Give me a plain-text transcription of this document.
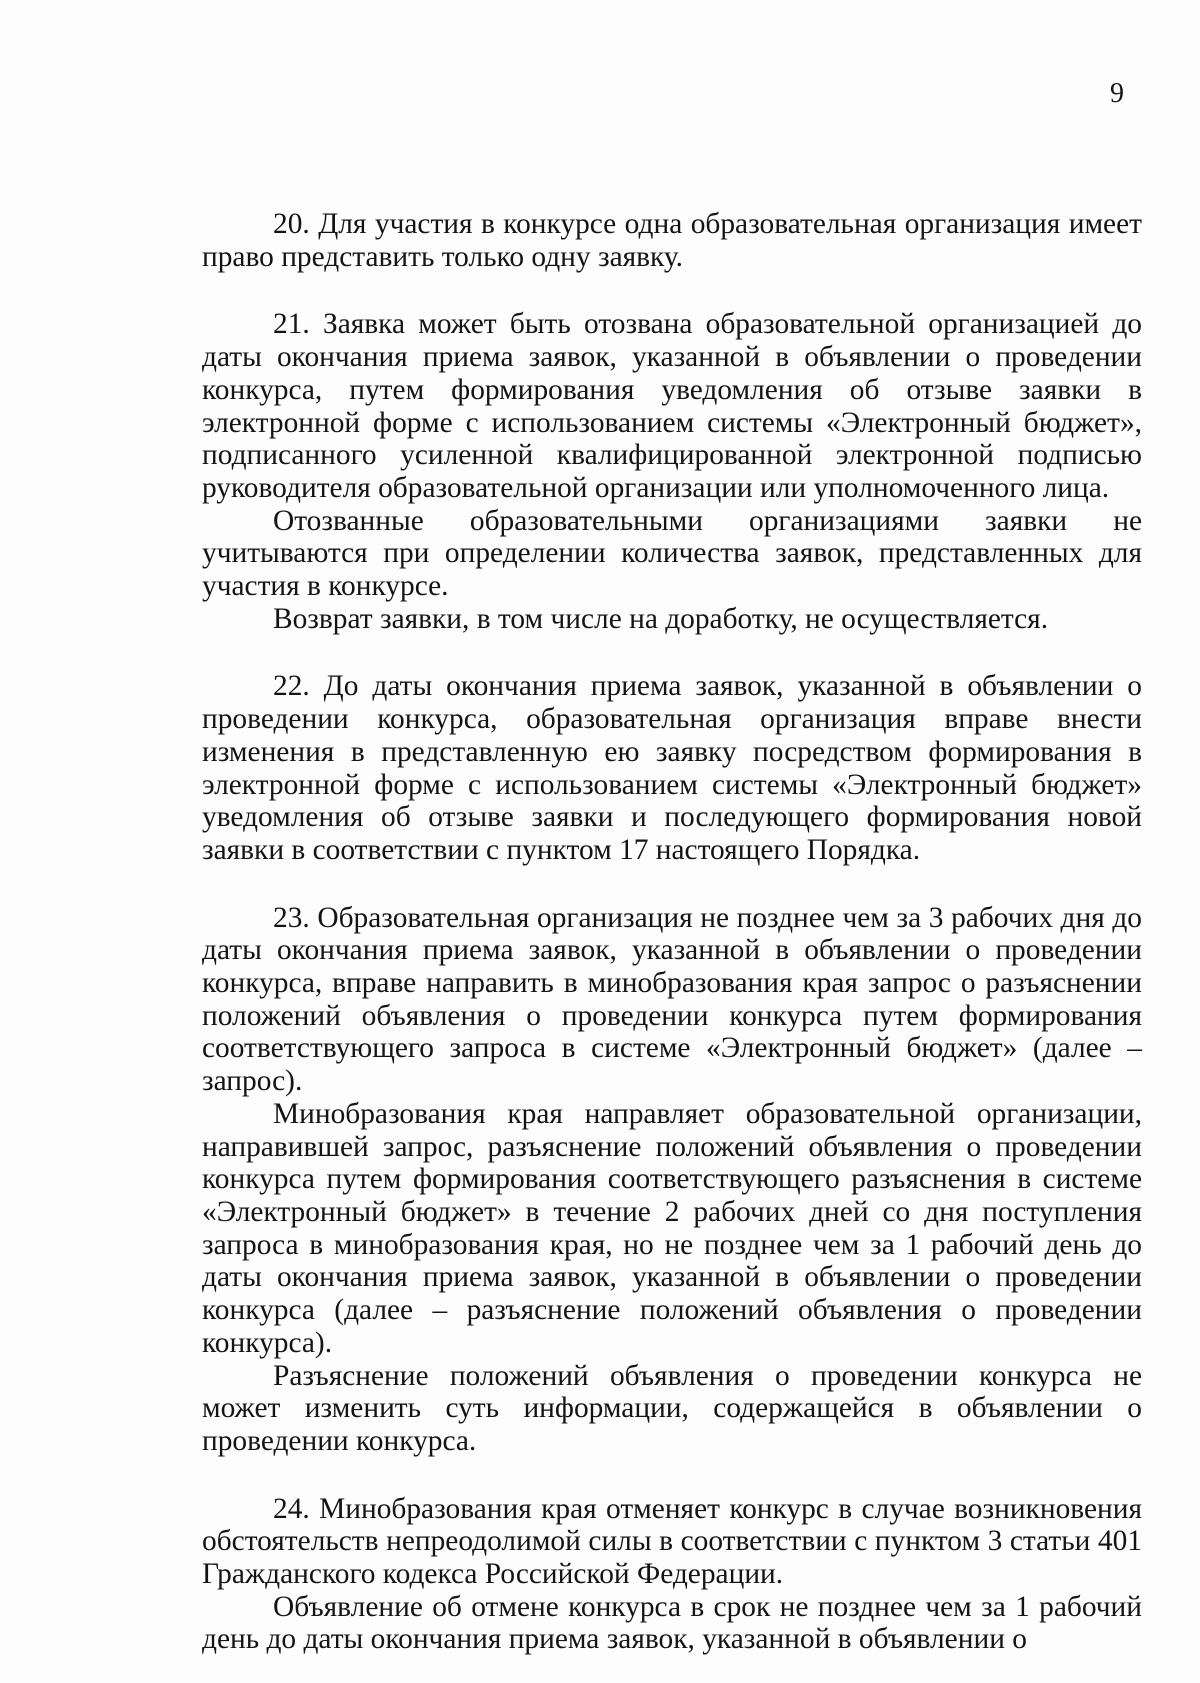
9

20. Для участия в конкурсе одна образовательная организация имеет право представить только одну заявку.

21. Заявка может быть отозвана образовательной организацией до даты окончания приема заявок, указанной в объявлении о проведении конкурса, путем формирования уведомления об отзыве заявки в электронной форме с использованием системы «Электронный бюджет», подписанного усиленной квалифицированной электронной подписью руководителя образовательной организации или уполномоченного лица.

Отозванные образовательными организациями заявки не учитываются при определении количества заявок, представленных для участия в конкурсе.

Возврат заявки, в том числе на доработку, не осуществляется.

22. До даты окончания приема заявок, указанной в объявлении о проведении конкурса, образовательная организация вправе внести изменения в представленную ею заявку посредством формирования в электронной форме с использованием системы «Электронный бюджет» уведомления об отзыве заявки и последующего формирования новой заявки в соответствии с пунктом 17 настоящего Порядка.

23. Образовательная организация не позднее чем за 3 рабочих дня до даты окончания приема заявок, указанной в объявлении о проведении конкурса, вправе направить в минобразования края запрос о разъяснении положений объявления о проведении конкурса путем формирования соответствующего запроса в системе «Электронный бюджет» (далее – запрос).

Минобразования края направляет образовательной организации, направившей запрос, разъяснение положений объявления о проведении конкурса путем формирования соответствующего разъяснения в системе «Электронный бюджет» в течение 2 рабочих дней со дня поступления запроса в минобразования края, но не позднее чем за 1 рабочий день до даты окончания приема заявок, указанной в объявлении о проведении конкурса (далее – разъяснение положений объявления о проведении конкурса).

Разъяснение положений объявления о проведении конкурса не может изменить суть информации, содержащейся в объявлении о проведении конкурса.

24. Минобразования края отменяет конкурс в случае возникновения обстоятельств непреодолимой силы в соответствии с пунктом 3 статьи 401 Гражданского кодекса Российской Федерации.

Объявление об отмене конкурса в срок не позднее чем за 1 рабочий день до даты окончания приема заявок, указанной в объявлении о
